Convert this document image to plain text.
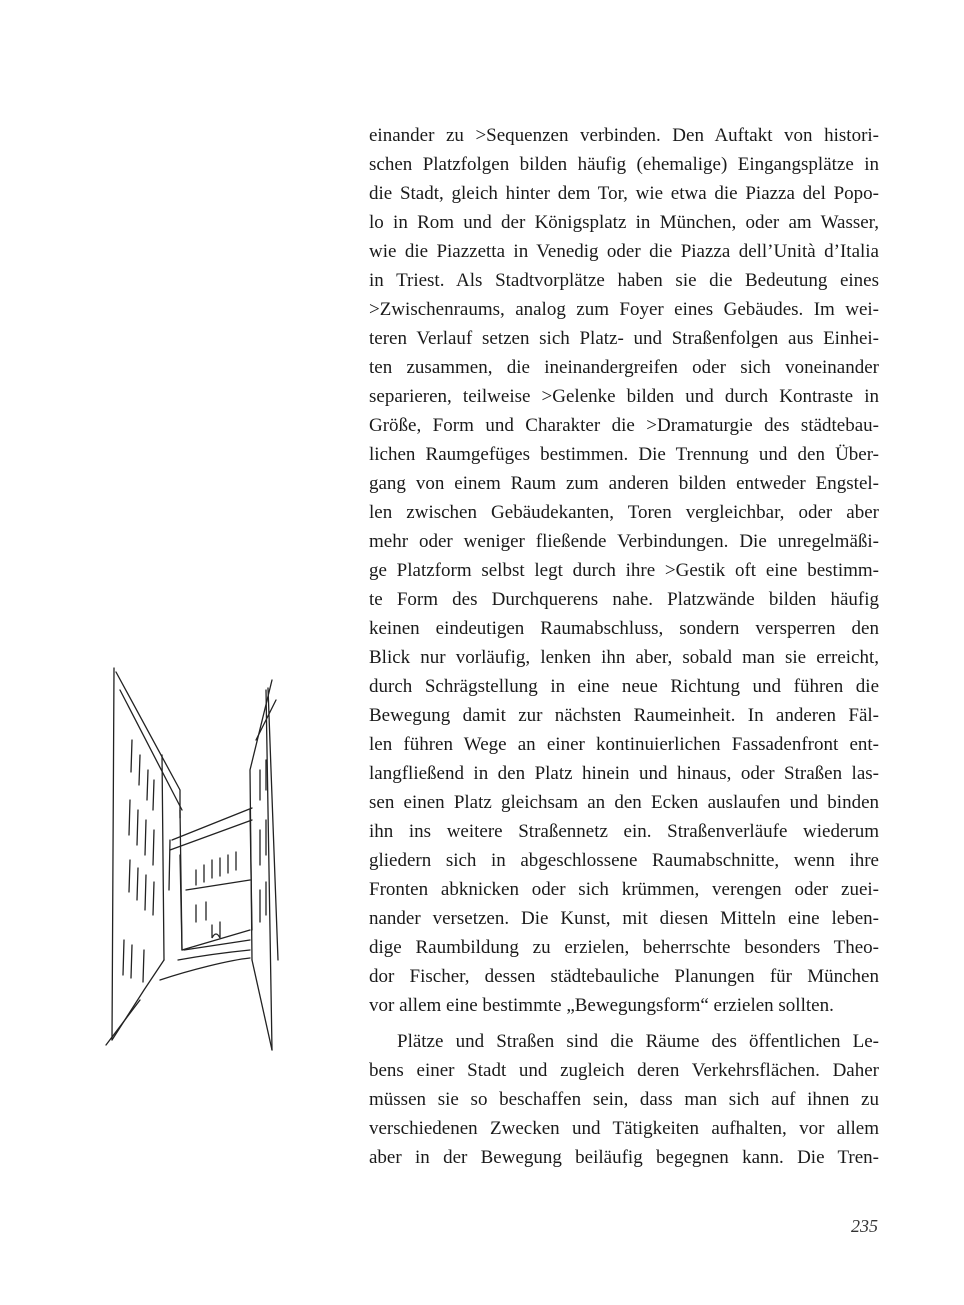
einander zu >Sequenzen verbinden. Den Auftakt von histori-
schen Platzfolgen bilden häufig (ehemalige) Eingangsplätze in
die Stadt, gleich hinter dem Tor, wie etwa die Piazza del Popo-
lo in Rom und der Königsplatz in München, oder am Wasser,
wie die Piazzetta in Venedig oder die Piazza dell’Unità d’Italia
in Triest. Als Stadtvorplätze haben sie die Bedeutung eines
>Zwischenraums, analog zum Foyer eines Gebäudes. Im wei-
teren Verlauf setzen sich Platz- und Straßenfolgen aus Einhei-
ten zusammen, die ineinandergreifen oder sich voneinander
separieren, teilweise >Gelenke bilden und durch Kontraste in
Größe, Form und Charakter die >Dramaturgie des städtebau-
lichen Raumgefüges bestimmen. Die Trennung und den Über-
gang von einem Raum zum anderen bilden entweder Engstel-
len zwischen Gebäudekanten, Toren vergleichbar, oder aber
mehr oder weniger fließende Verbindungen. Die unregelmäßi-
ge Platzform selbst legt durch ihre >Gestik oft eine bestimm-
te Form des Durchquerens nahe. Platzwände bilden häufig
keinen eindeutigen Raumabschluss, sondern versperren den
Blick nur vorläufig, lenken ihn aber, sobald man sie erreicht,
durch Schrägstellung in eine neue Richtung und führen die
Bewegung damit zur nächsten Raumeinheit. In anderen Fäl-
len führen Wege an einer kontinuierlichen Fassadenfront ent-
langfließend in den Platz hinein und hinaus, oder Straßen las-
sen einen Platz gleichsam an den Ecken auslaufen und binden
ihn ins weitere Straßennetz ein. Straßenverläufe wiederum
gliedern sich in abgeschlossene Raumabschnitte, wenn ihre
Fronten abknicken oder sich krümmen, verengen oder zuei-
nander versetzen. Die Kunst, mit diesen Mitteln eine leben-
dige Raumbildung zu erzielen, beherrschte besonders Theo-
dor Fischer, dessen städtebauliche Planungen für München
vor allem eine bestimmte „Bewegungsform“ erzielen sollten.
Plätze und Straßen sind die Räume des öffentlichen Le-
bens einer Stadt und zugleich deren Verkehrsflächen. Daher
müssen sie so beschaffen sein, dass man sich auf ihnen zu
verschiedenen Zwecken und Tätigkeiten aufhalten, vor allem
aber in der Bewegung beiläufig begegnen kann. Die Tren-
235
